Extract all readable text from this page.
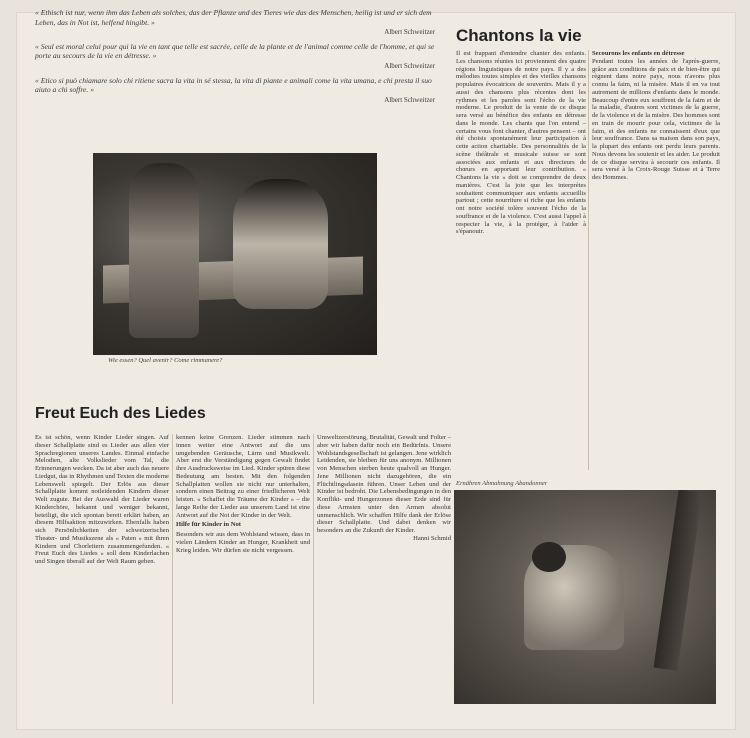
« Ethisch ist nur, wenn ihm das Leben als solches, das der Pflanze und des Tieres wie das des Menschen, heilig ist und er sich dem Leben, das in Not ist, helfend hingibt. »
Albert Schweitzer
« Seul est moral celui pour qui la vie en tant que telle est sacrée, celle de la plante et de l'animal comme celle de l'homme, et qui se porte au secours de la vie en détresse. »
Albert Schweitzer
« Etico si può chiamare solo chi ritiene sacra la vita in sé stessa, la vita di piante e animali come la vita umana, e chi presta il suo aiuto a chi soffre. »
Albert Schweitzer
Wie essen? Quel avenir? Come rimmanere?
Chantons la vie
Il est frappant d'entendre chanter des enfants. Les chansons réunies ici proviennent des quatre régions linguistiques de notre pays. Il y a des mélodies toutes simples et des vieilles chansons populaires évocatrices de souvenirs. Mais il y a aussi des chansons plus récentes dont les rythmes et les paroles sont l'écho de la vie moderne. Le produit de la vente de ce disque sera versé au bénéfice des enfants en détresse dans le monde. Les chants que l'on entend – certains vous font chanter, d'autres pensent – ont été choisis spontanément leur participation à cette action charitable. Des personnalités de la scène théâtrale et musicale suisse se sont associées aux enfants et aux directeurs de chœurs en apportant leur contribution. « Chantons la vie » doit se comprendre de deux manières. C'est la joie que les interprètes souhaitent communiquer aux enfants accueillis partout ; cette nourriture si riche que les enfants ont notre société tolère souvent l'écho de la souffrance et de la violence. C'est aussi l'appel à respecter la vie, à la protéger, à l'aider à s'épanouir.
Secourons les enfants en détresse
Pendant toutes les années de l'après-guerre, grâce aux conditions de paix et de bien-être qui règnent dans notre pays, nous n'avons plus connu la faim, ni la misère. Mais il en va tout autrement de millions d'enfants dans le monde. Beaucoup d'entre eux souffrent de la faim et de la maladie, d'autres sont victimes de la guerre, de la violence et de la misère. Des hommes sont en train de mourir pour cela, victimes de la faim, et des enfants ne connaissent d'eux que leur souffrance. Dans sa maison dans son pays, la plupart des enfants ont perdu leurs parents. Nous devons les soutenir et les aider. Le produit de ce disque servira à secourir ces enfants. Il sera versé à la Croix-Rouge Suisse et à Terre des Hommes.
Freut Euch des Liedes
Es ist schön, wenn Kinder Lieder singen. Auf dieser Schallplatte sind es Lieder aus allen vier Sprachregionen unseres Landes. Einmal einfache Melodien, alte Volkslieder vom Tal, die Erinnerungen wecken. Da ist aber auch das neuere Liedgut, das in Rhythmen und Texten die moderne Lebenswelt spiegelt. Der Erlös aus dieser Schallplatte kommt notleidenden Kindern dieser Welt zugute. Bei der Auswahl der Lieder waren Kinderchöre, bekannt und weniger bekannt, beteiligt, die sich spontan bereit erklärt haben, an diesem Hilfsaktion mitzuwirken. Ebenfalls haben sich Persönlichkeiten der schweizerischen Theater- und Musikszene als « Paten » mit ihren Kindern und Chorleitern zusammengefunden. « Freut Euch des Liedes » soll dem Kinderlachen und Singen überall auf der Welt Raum geben.
kennen keine Grenzen. Lieder stimmen nach innen weiter eine Antwort auf die uns umgebenden Geräusche, Lärm und Musikwelt. Aber erst die Verständigung gegen Gewalt findet ihre Ausdrucksweise im Lied. Kinder spüren diese Bedeutung am besten. Mit den folgenden Schallplatten wollen sie nicht nur unterhalten, sondern einen Beitrag zu einer friedlicheren Welt leisten. « Schaffet die Träume der Kinder » – die lange Reihe der Lieder aus unserem Land ist eine Antwort auf die Not der Kinder in der Welt.
Hilfe für Kinder in Not
Besonders wir aus dem Wohlstand wissen, dass in vielen Ländern Kinder an Hunger, Krankheit und Krieg leiden. Wir dürfen sie nicht vergessen.
Umweltzerstörung, Brutalität, Gewalt und Folter – aber wir haben dafür noch ein Bedürfnis. Unsere Wohlstandsgesellschaft ist gelangen. Jene wirklich Leidenden, sie bleiben für uns anonym. Millionen von Menschen sterben heute qualvoll an Hunger. Jene Millionen nicht dazugehören, die ein Flüchtlingsdasein führen. Unser Leben und der Kinder ist bedroht. Die Lebensbedingungen in den Konflikt- und Hungerzonen dieser Erde sind für diese Armsten unter den Armen absolut unmenschlich. Wir schaffen Hilfe dank der Erlöse dieser Schallplatte. Und dabei denken wir besonders an die Zukunft der Kinder.
Hanni Schmid
Ernähren Abmahnung Abandonner
